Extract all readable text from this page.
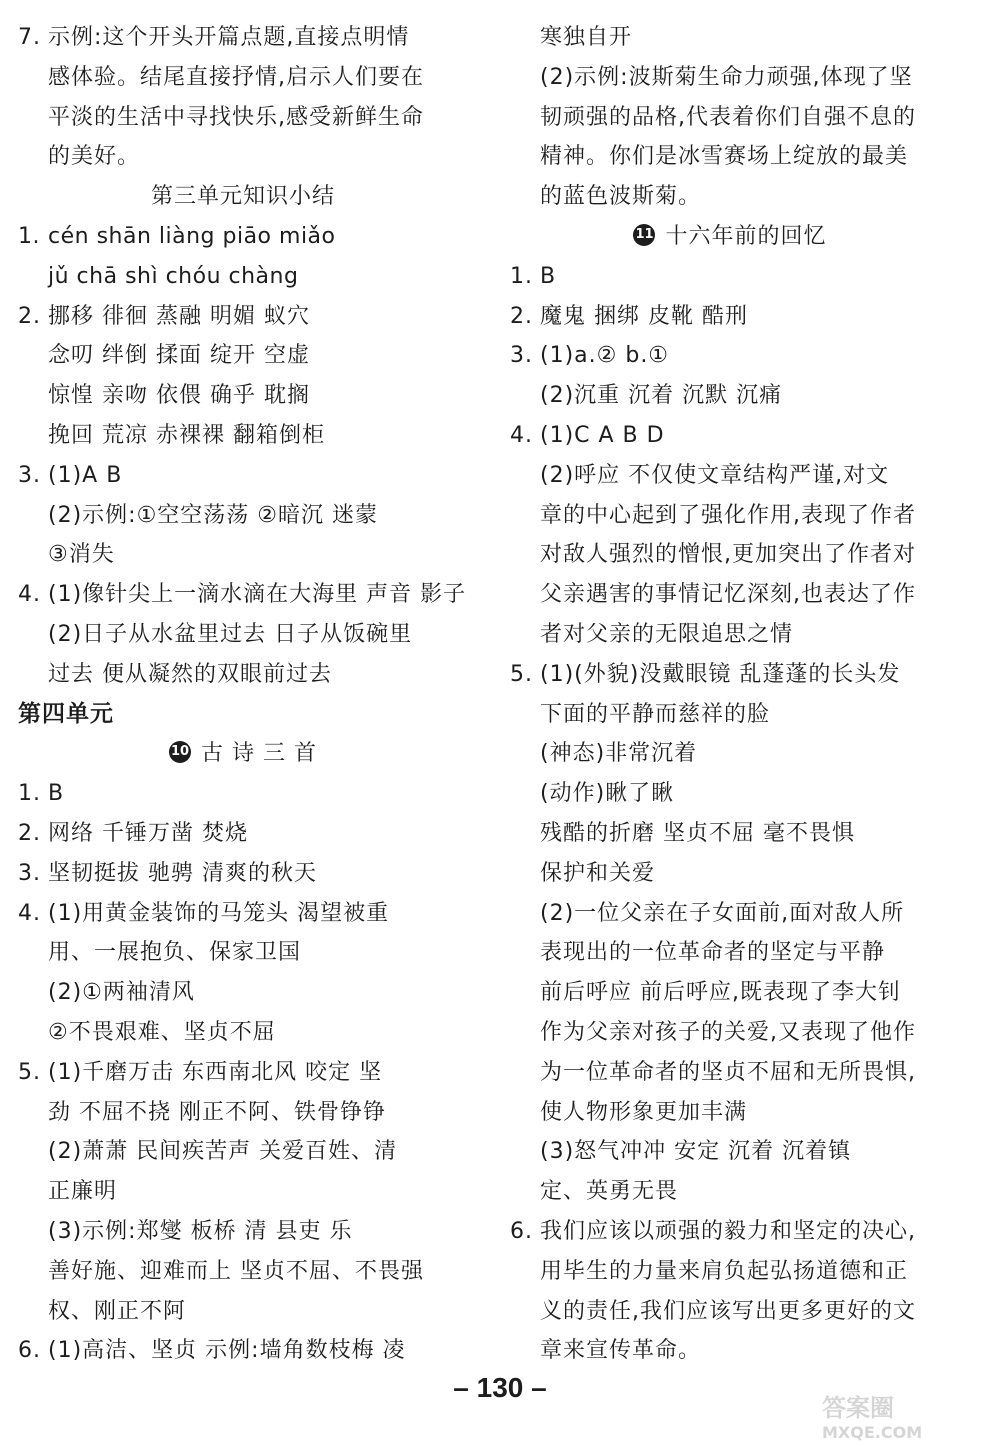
7. 示例:这个开头开篇点题,直接点明情
感体验。结尾直接抒情,启示人们要在
平淡的生活中寻找快乐,感受新鲜生命
的美好。
第三单元知识小结
1. cén shān liàng piāo miǎo
jǔ chā shì chóu chàng
2. 挪移 徘徊 蒸融 明媚 蚁穴
念叨 绊倒 揉面 绽开 空虚
惊惶 亲吻 依偎 确乎 耽搁
挽回 荒凉 赤裸裸 翻箱倒柜
3. (1)A B
(2)示例:①空空荡荡 ②暗沉 迷蒙
③消失
4. (1)像针尖上一滴水滴在大海里 声音 影子
(2)日子从水盆里过去 日子从饭碗里
过去 便从凝然的双眼前过去
第四单元
10 古 诗 三 首
1. B
2. 网络 千锤万凿 焚烧
3. 坚韧挺拔 驰骋 清爽的秋天
4. (1)用黄金装饰的马笼头 渴望被重
用、一展抱负、保家卫国
(2)①两袖清风
②不畏艰难、坚贞不屈
5. (1)千磨万击 东西南北风 咬定 坚
劲 不屈不挠 刚正不阿、铁骨铮铮
(2)萧萧 民间疾苦声 关爱百姓、清
正廉明
(3)示例:郑燮 板桥 清 县吏 乐
善好施、迎难而上 坚贞不屈、不畏强
权、刚正不阿
6. (1)高洁、坚贞 示例:墙角数枝梅 凌
寒独自开
(2)示例:波斯菊生命力顽强,体现了坚
韧顽强的品格,代表着你们自强不息的
精神。你们是冰雪赛场上绽放的最美
的蓝色波斯菊。
11 十六年前的回忆
1. B
2. 魔鬼 捆绑 皮靴 酷刑
3. (1)a.② b.①
(2)沉重 沉着 沉默 沉痛
4. (1)C A B D
(2)呼应 不仅使文章结构严谨,对文
章的中心起到了强化作用,表现了作者
对敌人强烈的憎恨,更加突出了作者对
父亲遇害的事情记忆深刻,也表达了作
者对父亲的无限追思之情
5. (1)(外貌)没戴眼镜 乱蓬蓬的长头发
下面的平静而慈祥的脸
(神态)非常沉着
(动作)瞅了瞅
残酷的折磨 坚贞不屈 毫不畏惧
保护和关爱
(2)一位父亲在子女面前,面对敌人所
表现出的一位革命者的坚定与平静
前后呼应 前后呼应,既表现了李大钊
作为父亲对孩子的关爱,又表现了他作
为一位革命者的坚贞不屈和无所畏惧,
使人物形象更加丰满
(3)怒气冲冲 安定 沉着 沉着镇
定、英勇无畏
6. 我们应该以顽强的毅力和坚定的决心,
用毕生的力量来肩负起弘扬道德和正
义的责任,我们应该写出更多更好的文
章来宣传革命。
– 130 –
答案圈
MXQE.COM
